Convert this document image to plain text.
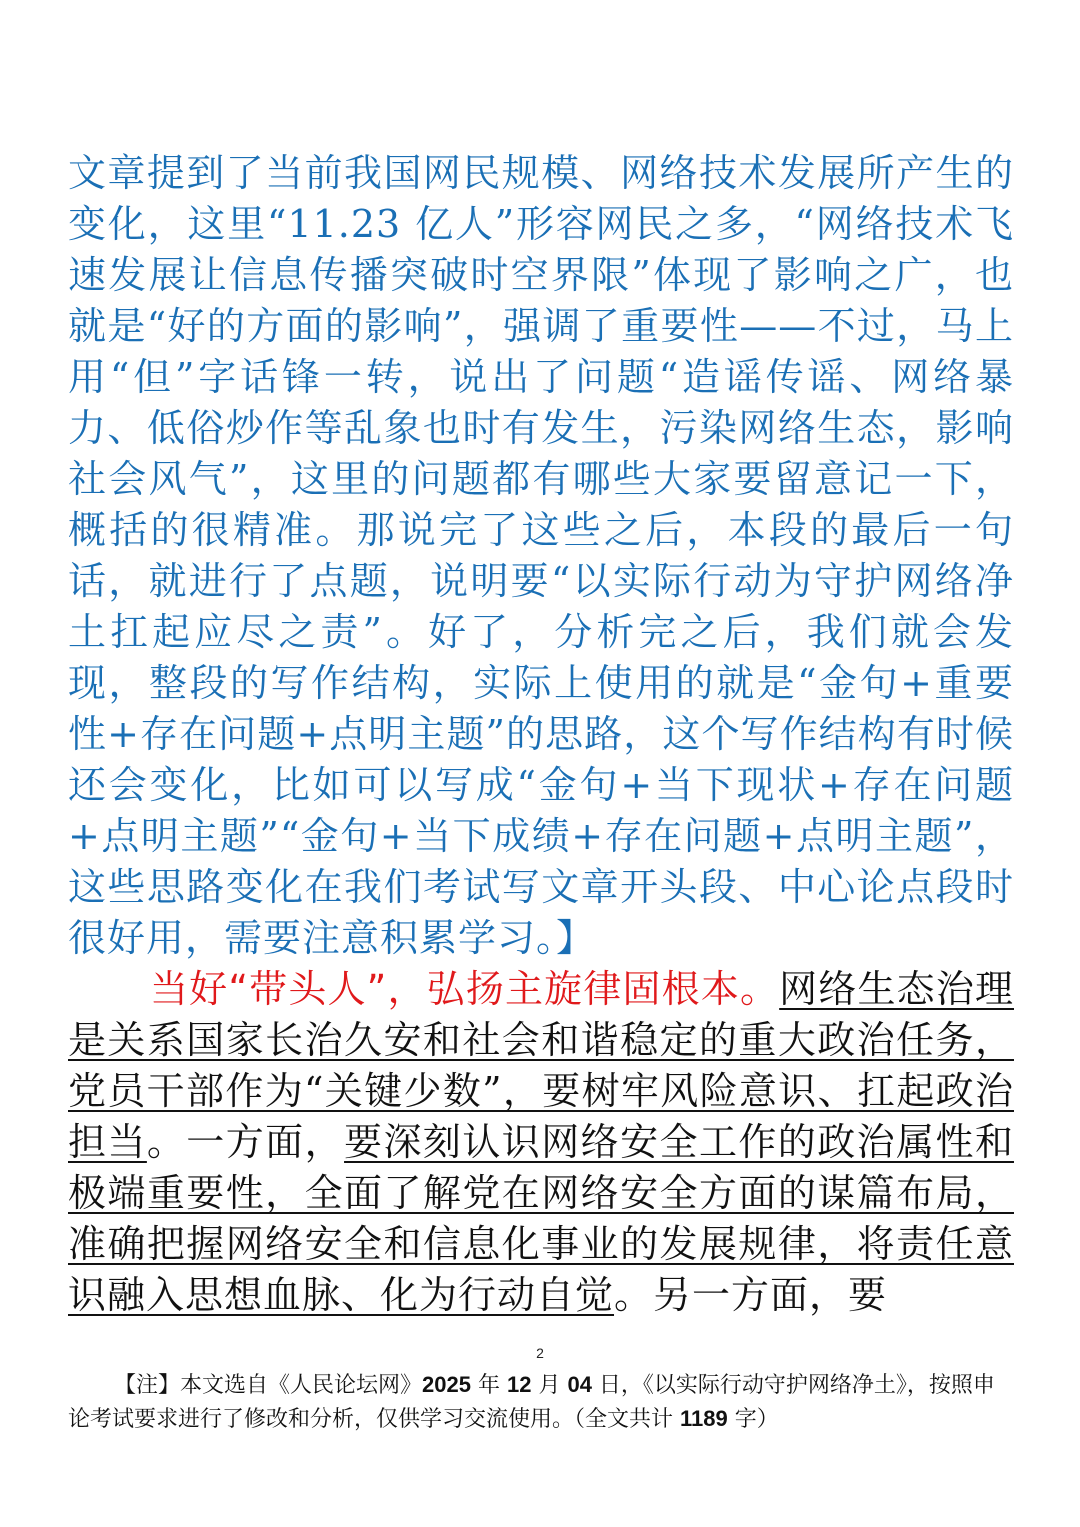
文章提到了当前我国网民规模、网络技术发展所产生的变化，这里“11.23 亿人”形容网民之多，“网络技术飞速发展让信息传播突破时空界限”体现了影响之广，也就是“好的方面的影响”，强调了重要性——不过，马上用“但”字话锋一转，说出了问题“造谣传谣、网络暴力、低俗炒作等乱象也时有发生，污染网络生态，影响社会风气”，这里的问题都有哪些大家要留意记一下，概括的很精准。那说完了这些之后，本段的最后一句话，就进行了点题，说明要“以实际行动为守护网络净土扛起应尽之责”。好了，分析完之后，我们就会发现，整段的写作结构，实际上使用的就是“金句+重要性+存在问题+点明主题”的思路，这个写作结构有时候还会变化，比如可以写成“金句+当下现状+存在问题+点明主题”“金句+当下成绩+存在问题+点明主题”，这些思路变化在我们考试写文章开头段、中心论点段时很好用，需要注意积累学习。】

当好“带头人”，弘扬主旋律固根本。网络生态治理是关系国家长治久安和社会和谐稳定的重大政治任务，党员干部作为“关键少数”，要树牢风险意识、扛起政治担当。一方面，要深刻认识网络安全工作的政治属性和极端重要性，全面了解党在网络安全方面的谋篇布局，准确把握网络安全和信息化事业的发展规律，将责任意识融入思想血脉、化为行动自觉。另一方面，要

2
【注】本文选自《人民论坛网》2025 年 12 月 04 日，《以实际行动守护网络净土》，按照申论考试要求进行了修改和分析，仅供学习交流使用。（全文共计 1189 字）
